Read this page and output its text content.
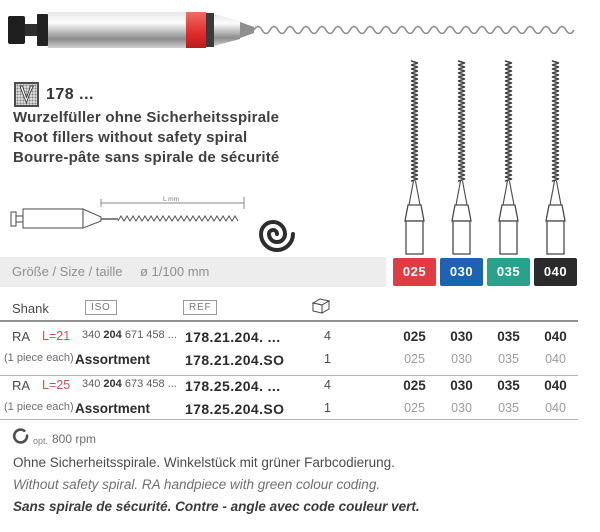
178 ...
Wurzelfüller ohne Sicherheitsspirale
Root fillers without safety spiral
Bourre-pâte sans spirale de sécurité
L mm
Größe / Size / taille ø 1/100 mm	025	030	035	040
Shank	ISO	REF
RA L=21 340 204 671 458 ... 178.21.204. ...	4	025	030	035	040
(1 piece each) Assortment 178.21.204.SO	1	025	030	035	040
RA L=25 340 204 673 458 ... 178.25.204. ...	4	025	030	035	040
(1 piece each) Assortment 178.25.204.SO	1	025	030	035	040
opt. 800 rpm
Ohne Sicherheitsspirale. Winkelstück mit grüner Farbcodierung.
Without safety spiral. RA handpiece with green colour coding.
Sans spirale de sécurité. Contre - angle avec code couleur vert.
